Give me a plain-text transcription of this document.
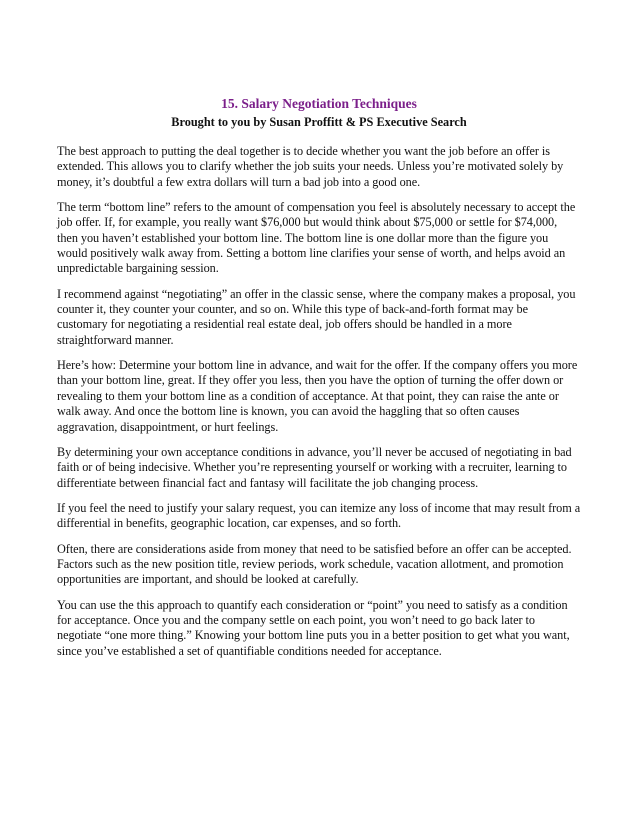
15. Salary Negotiation Techniques

Brought to you by Susan Proffitt & PS Executive Search

The best approach to putting the deal together is to decide whether you want the job before an offer is extended. This allows you to clarify whether the job suits your needs. Unless you’re motivated solely by money, it’s doubtful a few extra dollars will turn a bad job into a good one.

The term “bottom line” refers to the amount of compensation you feel is absolutely necessary to accept the job offer. If, for example, you really want $76,000 but would think about $75,000 or settle for $74,000, then you haven’t established your bottom line. The bottom line is one dollar more than the figure you would positively walk away from. Setting a bottom line clarifies your sense of worth, and helps avoid an unpredictable bargaining session.

I recommend against “negotiating” an offer in the classic sense, where the company makes a proposal, you counter it, they counter your counter, and so on. While this type of back-and-forth format may be customary for negotiating a residential real estate deal, job offers should be handled in a more straightforward manner.

Here’s how: Determine your bottom line in advance, and wait for the offer. If the company offers you more than your bottom line, great. If they offer you less, then you have the option of turning the offer down or revealing to them your bottom line as a condition of acceptance. At that point, they can raise the ante or walk away. And once the bottom line is known, you can avoid the haggling that so often causes aggravation, disappointment, or hurt feelings.

By determining your own acceptance conditions in advance, you’ll never be accused of negotiating in bad faith or of being indecisive. Whether you’re representing yourself or working with a recruiter, learning to differentiate between financial fact and fantasy will facilitate the job changing process.

If you feel the need to justify your salary request, you can itemize any loss of income that may result from a differential in benefits, geographic location, car expenses, and so forth.

Often, there are considerations aside from money that need to be satisfied before an offer can be accepted. Factors such as the new position title, review periods, work schedule, vacation allotment, and promotion opportunities are important, and should be looked at carefully.

You can use the this approach to quantify each consideration or “point” you need to satisfy as a condition for acceptance. Once you and the company settle on each point, you won’t need to go back later to negotiate “one more thing.” Knowing your bottom line puts you in a better position to get what you want, since you’ve established a set of quantifiable conditions needed for acceptance.
